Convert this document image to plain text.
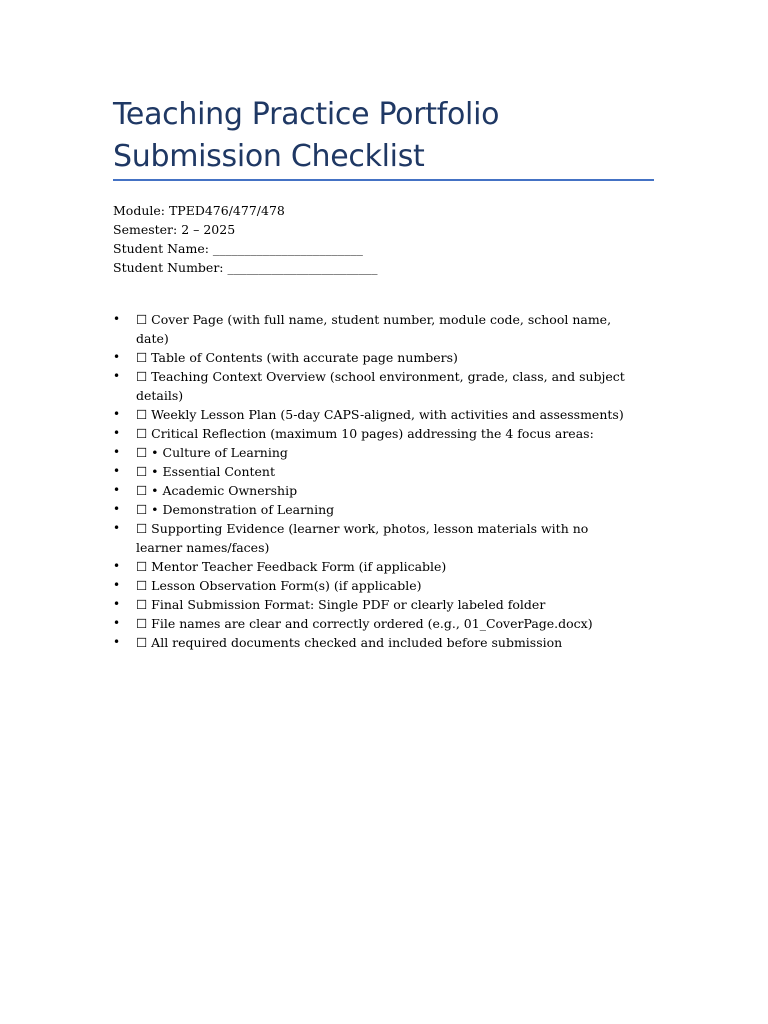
Teaching Practice Portfolio Submission Checklist
Module: TPED476/477/478
Semester: 2 – 2025
Student Name: ________________________
Student Number: ________________________
• ☐ Cover Page (with full name, student number, module code, school name, date)
• ☐ Table of Contents (with accurate page numbers)
• ☐ Teaching Context Overview (school environment, grade, class, and subject details)
• ☐ Weekly Lesson Plan (5-day CAPS-aligned, with activities and assessments)
• ☐ Critical Reflection (maximum 10 pages) addressing the 4 focus areas:
• ☐ • Culture of Learning
• ☐ • Essential Content
• ☐ • Academic Ownership
• ☐ • Demonstration of Learning
• ☐ Supporting Evidence (learner work, photos, lesson materials with no learner names/faces)
• ☐ Mentor Teacher Feedback Form (if applicable)
• ☐ Lesson Observation Form(s) (if applicable)
• ☐ Final Submission Format: Single PDF or clearly labeled folder
• ☐ File names are clear and correctly ordered (e.g., 01_CoverPage.docx)
• ☐ All required documents checked and included before submission
